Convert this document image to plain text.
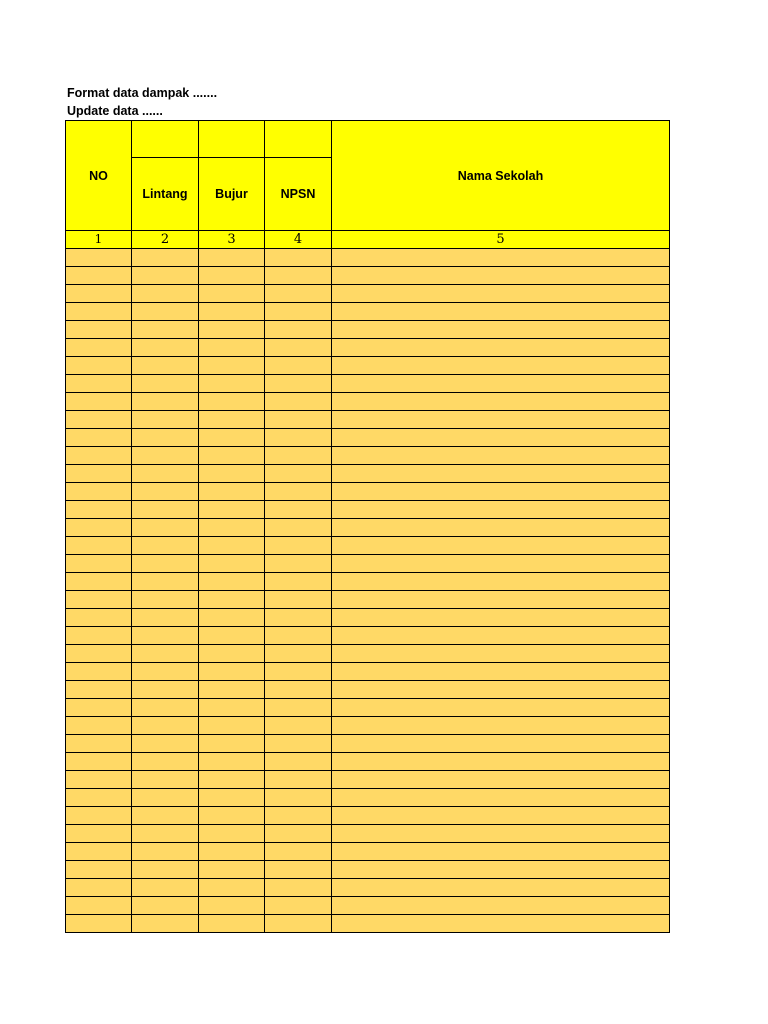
Format data dampak .......
Update data ......
NO				Nama Sekolah
	Lintang	Bujur	NPSN	
1	2	3	4	5
